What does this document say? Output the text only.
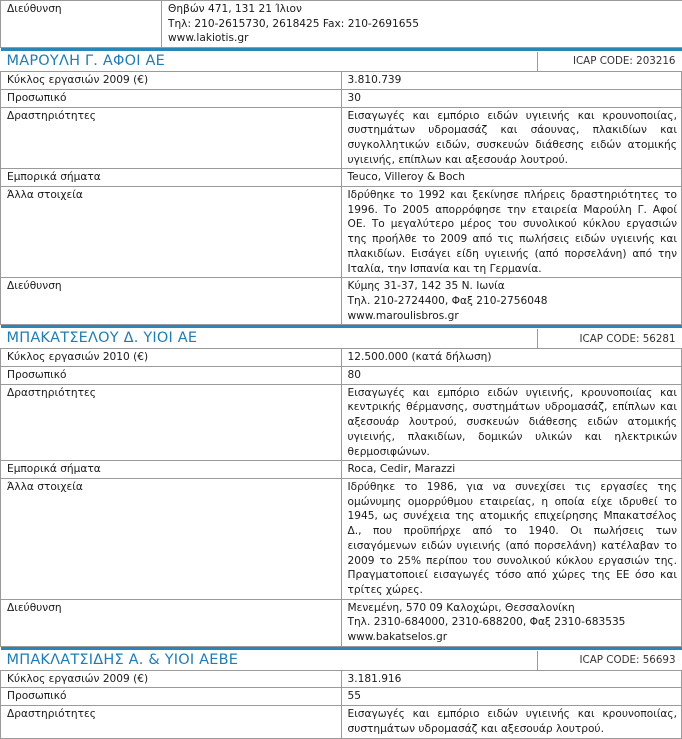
Διεύθυνση	Θηβών 471, 131 21 Ίλιον
Τηλ: 210-2615730, 2618425 Fax: 210-2691655
www.lakiotis.gr
ΜΑΡΟΥΛΗ Γ. ΑΦΟΙ ΑΕ ICAP CODE: 203216	

Κύκλος εργασιών 2009 (€)	3.810.739
Προσωπικό	30
Δραστηριότητες	Εισαγωγές και εμπόριο ειδών υγιεινής και κρουνοποιίας, συστημάτων υδρομασάζ και σάουνας, πλακιδίων και συγκολλητικών ειδών, συσκευών διάθεσης ειδών ατομικής υγιεινής, επίπλων και αξεσουάρ λουτρού.
Εμπορικά σήματα	Teuco, Villeroy & Boch
Άλλα στοιχεία	Ιδρύθηκε το 1992 και ξεκίνησε πλήρεις δραστηριότητες το 1996. Το 2005 απορρόφησε την εταιρεία Μαρούλη Γ. Αφοί ΟΕ. Το μεγαλύτερο μέρος του συνολικού κύκλου εργασιών της προήλθε το 2009 από τις πωλήσεις ειδών υγιεινής και πλακιδίων. Εισάγει είδη υγιεινής (από πορσελάνη) από την Ιταλία, την Ισπανία και τη Γερμανία.
Διεύθυνση	Κύμης 31-37, 142 35 Ν. Ιωνία
Τηλ. 210-2724400, Φαξ 210-2756048
www.maroulisbros.gr
ΜΠΑΚΑΤΣΕΛΟΥ Δ. ΥΙΟΙ ΑΕ ICAP CODE: 56281	

Κύκλος εργασιών 2010 (€)	12.500.000 (κατά δήλωση)
Προσωπικό	80
Δραστηριότητες	Εισαγωγές και εμπόριο ειδών υγιεινής, κρουνοποιίας και κεντρικής θέρμανσης, συστημάτων υδρομασάζ, επίπλων και αξεσουάρ λουτρού, συσκευών διάθεσης ειδών ατομικής υγιεινής, πλακιδίων, δομικών υλικών και ηλεκτρικών θερμοσιφώνων.
Εμπορικά σήματα	Roca, Cedir, Marazzi
Άλλα στοιχεία	Ιδρύθηκε το 1986, για να συνεχίσει τις εργασίες της ομώνυμης ομορρύθμου εταιρείας, η οποία είχε ιδρυθεί το 1945, ως συνέχεια της ατομικής επιχείρησης Μπακατσέλος Δ., που προϋπήρχε από το 1940. Οι πωλήσεις των εισαγόμενων ειδών υγιεινής (από πορσελάνη) κατέλαβαν το 2009 το 25% περίπου του συνολικού κύκλου εργασιών της. Πραγματοποιεί εισαγωγές τόσο από χώρες της ΕΕ όσο και τρίτες χώρες.
Διεύθυνση	Μενεμένη, 570 09 Καλοχώρι, Θεσσαλονίκη
Τηλ. 2310-684000, 2310-688200, Φαξ 2310-683535
www.bakatselos.gr
ΜΠΑΚΛΑΤΣΙΔΗΣ Α. & ΥΙΟΙ ΑΕΒΕ ICAP CODE: 56693	

Κύκλος εργασιών 2009 (€)	3.181.916
Προσωπικό	55
Δραστηριότητες	Εισαγωγές και εμπόριο ειδών υγιεινής και κρουνοποιίας, συστημάτων υδρομασάζ και αξεσουάρ λουτρού.
